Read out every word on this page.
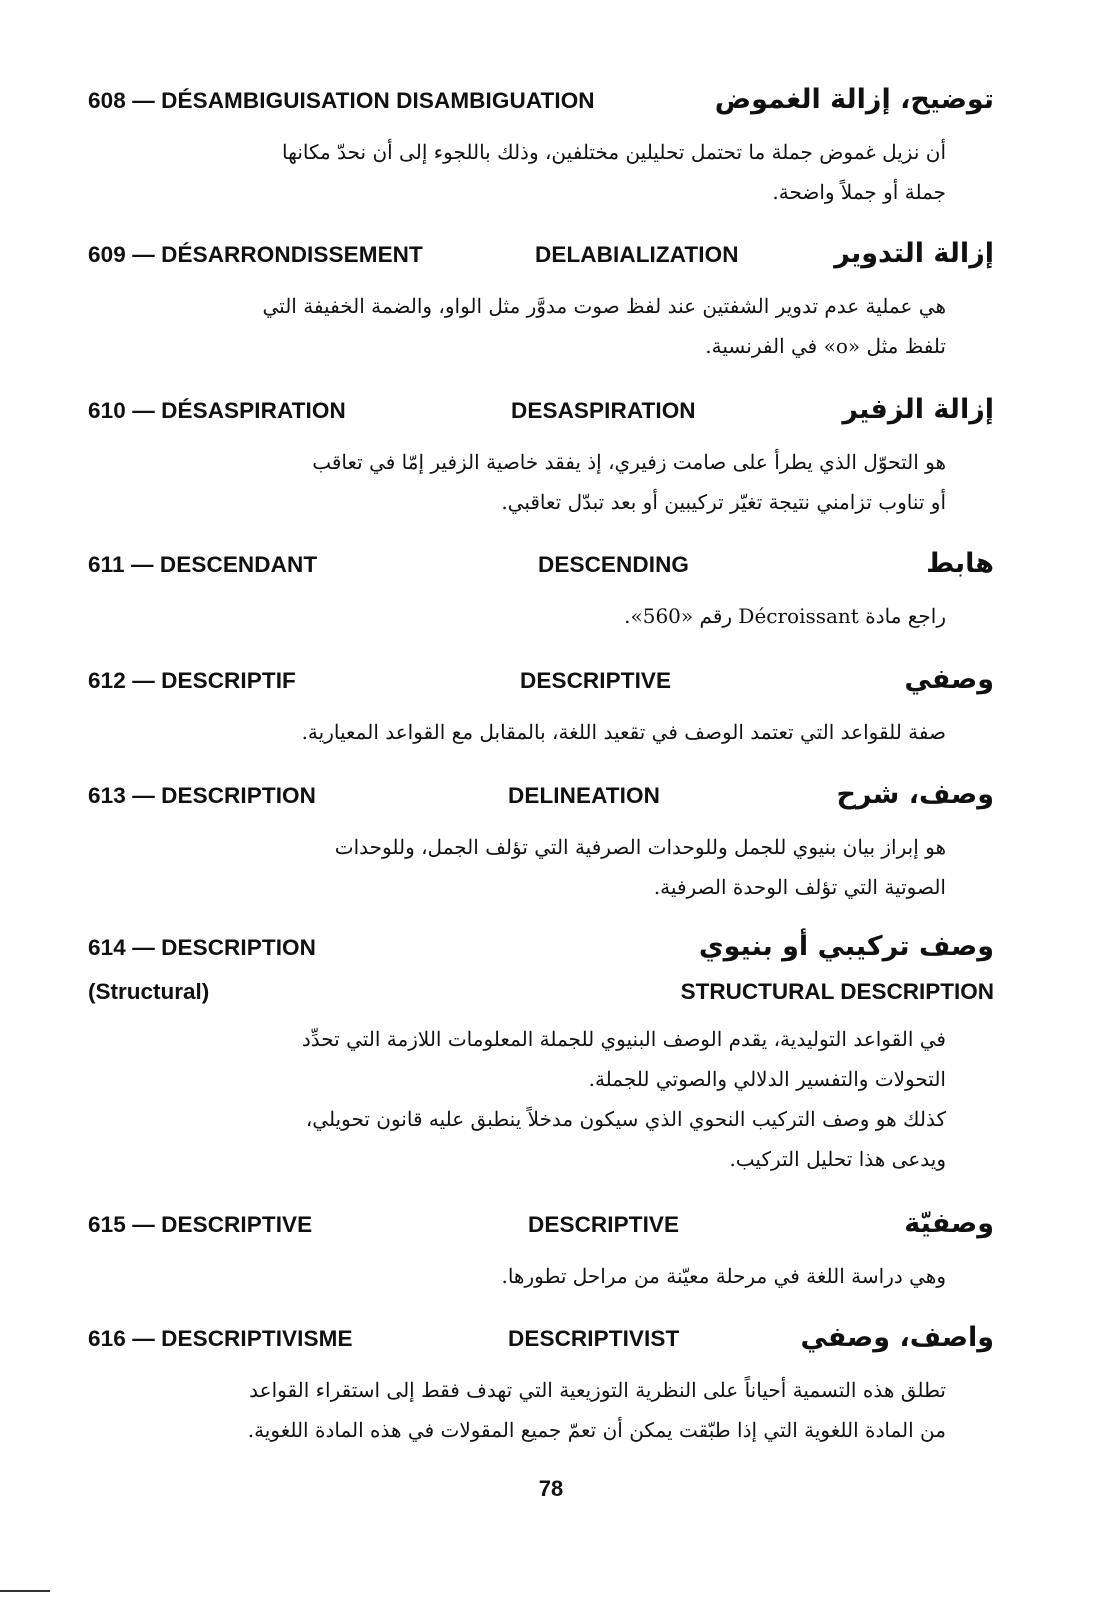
608 — DÉSAMBIGUISATION DISAMBIGUATION	توضيح، إزالة الغموض
أن نزيل غموض جملة ما تحتمل تحليلين مختلفين، وذلك باللجوء إلى أن نحدّ مكانها
جملة أو جملاً واضحة.
609 — DÉSARRONDISSEMENT	DELABIALIZATION	إزالة التدوير
هي عملية عدم تدوير الشفتين عند لفظ صوت مدوَّر مثل الواو، والضمة الخفيفة التي
تلفظ مثل «o» في الفرنسية.
610 — DÉSASPIRATION	DESASPIRATION	إزالة الزفير
هو التحوّل الذي يطرأ على صامت زفيري، إذ يفقد خاصية الزفير إمّا في تعاقب
أو تناوب تزامني نتيجة تغيّر تركيبين أو بعد تبدّل تعاقبي.
611 — DESCENDANT	DESCENDING	هابط
راجع مادة Décroissant رقم «560».
612 — DESCRIPTIF	DESCRIPTIVE	وصفي
صفة للقواعد التي تعتمد الوصف في تقعيد اللغة، بالمقابل مع القواعد المعيارية.
613 — DESCRIPTION	DELINEATION	وصف، شرح
هو إبراز بيان بنيوي للجمل وللوحدات الصرفية التي تؤلف الجمل، وللوحدات
الصوتية التي تؤلف الوحدة الصرفية.
614 — DESCRIPTION	وصف تركيبي أو بنيوي
(Structural)	STRUCTURAL DESCRIPTION
في القواعد التوليدية، يقدم الوصف البنيوي للجملة المعلومات اللازمة التي تحدِّد
التحولات والتفسير الدلالي والصوتي للجملة.
كذلك هو وصف التركيب النحوي الذي سيكون مدخلاً ينطبق عليه قانون تحويلي،
ويدعى هذا تحليل التركيب.
615 — DESCRIPTIVE	DESCRIPTIVE	وصفيّة
وهي دراسة اللغة في مرحلة معيّنة من مراحل تطورها.
616 — DESCRIPTIVISME	DESCRIPTIVIST	واصف، وصفي
تطلق هذه التسمية أحياناً على النظرية التوزيعية التي تهدف فقط إلى استقراء القواعد
من المادة اللغوية التي إذا طبّقت يمكن أن تعمّ جميع المقولات في هذه المادة اللغوية.
78
